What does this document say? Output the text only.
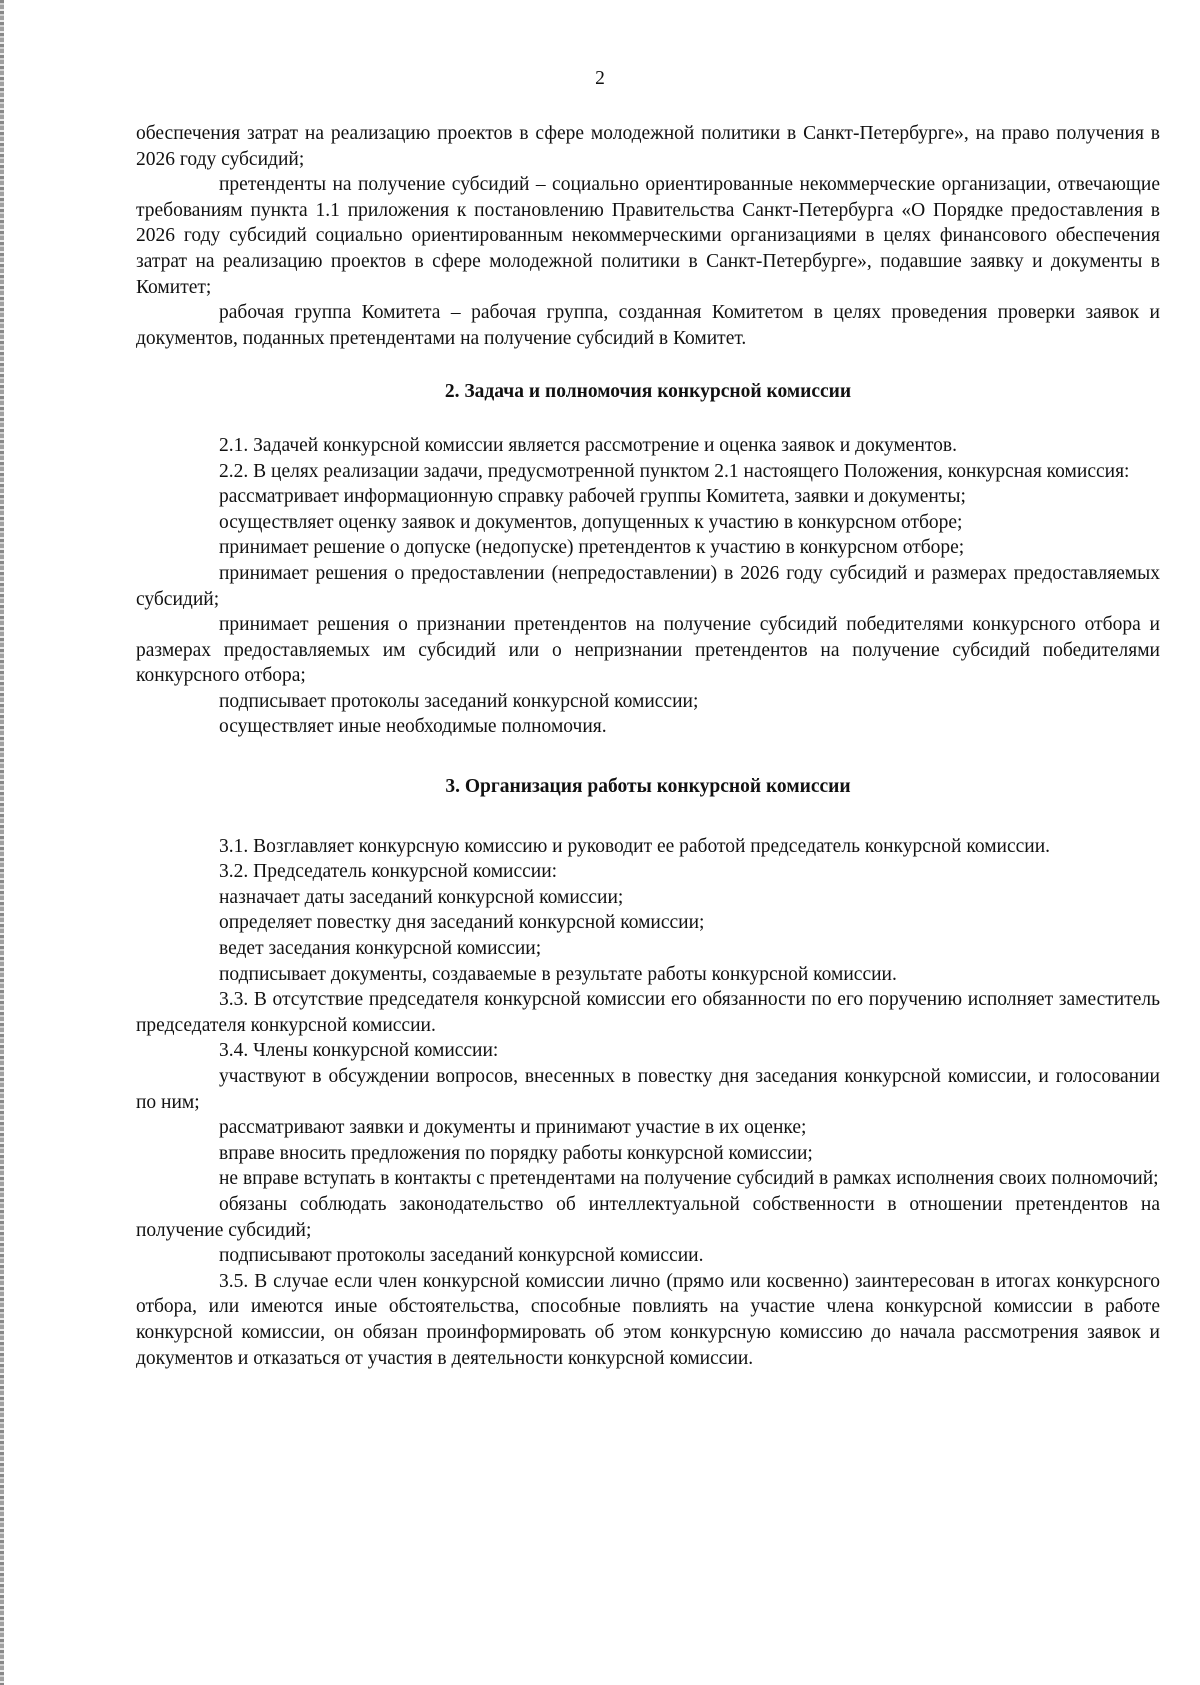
2

обеспечения затрат на реализацию проектов в сфере молодежной политики в Санкт-Петербурге», на право получения в 2026 году субсидий;

претенденты на получение субсидий – социально ориентированные некоммерческие организации, отвечающие требованиям пункта 1.1 приложения к постановлению Правительства Санкт-Петербурга «О Порядке предоставления в 2026 году субсидий социально ориентированным некоммерческими организациями в целях финансового обеспечения затрат на реализацию проектов в сфере молодежной политики в Санкт-Петербурге», подавшие заявку и документы в Комитет;

рабочая группа Комитета – рабочая группа, созданная Комитетом в целях проведения проверки заявок и документов, поданных претендентами на получение субсидий в Комитет.

2. Задача и полномочия конкурсной комиссии

2.1. Задачей конкурсной комиссии является рассмотрение и оценка заявок и документов.

2.2. В целях реализации задачи, предусмотренной пунктом 2.1 настоящего Положения, конкурсная комиссия:

рассматривает информационную справку рабочей группы Комитета, заявки и документы;

осуществляет оценку заявок и документов, допущенных к участию в конкурсном отборе;

принимает решение о допуске (недопуске) претендентов к участию в конкурсном отборе;

принимает решения о предоставлении (непредоставлении) в 2026 году субсидий и размерах предоставляемых субсидий;

принимает решения о признании претендентов на получение субсидий победителями конкурсного отбора и размерах предоставляемых им субсидий или о непризнании претендентов на получение субсидий победителями конкурсного отбора;

подписывает протоколы заседаний конкурсной комиссии;

осуществляет иные необходимые полномочия.

3. Организация работы конкурсной комиссии

3.1. Возглавляет конкурсную комиссию и руководит ее работой председатель конкурсной комиссии.

3.2. Председатель конкурсной комиссии:

назначает даты заседаний конкурсной комиссии;

определяет повестку дня заседаний конкурсной комиссии;

ведет заседания конкурсной комиссии;

подписывает документы, создаваемые в результате работы конкурсной комиссии.

3.3. В отсутствие председателя конкурсной комиссии его обязанности по его поручению исполняет заместитель председателя конкурсной комиссии.

3.4. Члены конкурсной комиссии:

участвуют в обсуждении вопросов, внесенных в повестку дня заседания конкурсной комиссии, и голосовании по ним;

рассматривают заявки и документы и принимают участие в их оценке;

вправе вносить предложения по порядку работы конкурсной комиссии;

не вправе вступать в контакты с претендентами на получение субсидий в рамках исполнения своих полномочий;

обязаны соблюдать законодательство об интеллектуальной собственности в отношении претендентов на получение субсидий;

подписывают протоколы заседаний конкурсной комиссии.

3.5. В случае если член конкурсной комиссии лично (прямо или косвенно) заинтересован в итогах конкурсного отбора, или имеются иные обстоятельства, способные повлиять на участие члена конкурсной комиссии в работе конкурсной комиссии, он обязан проинформировать об этом конкурсную комиссию до начала рассмотрения заявок и документов и отказаться от участия в деятельности конкурсной комиссии.
